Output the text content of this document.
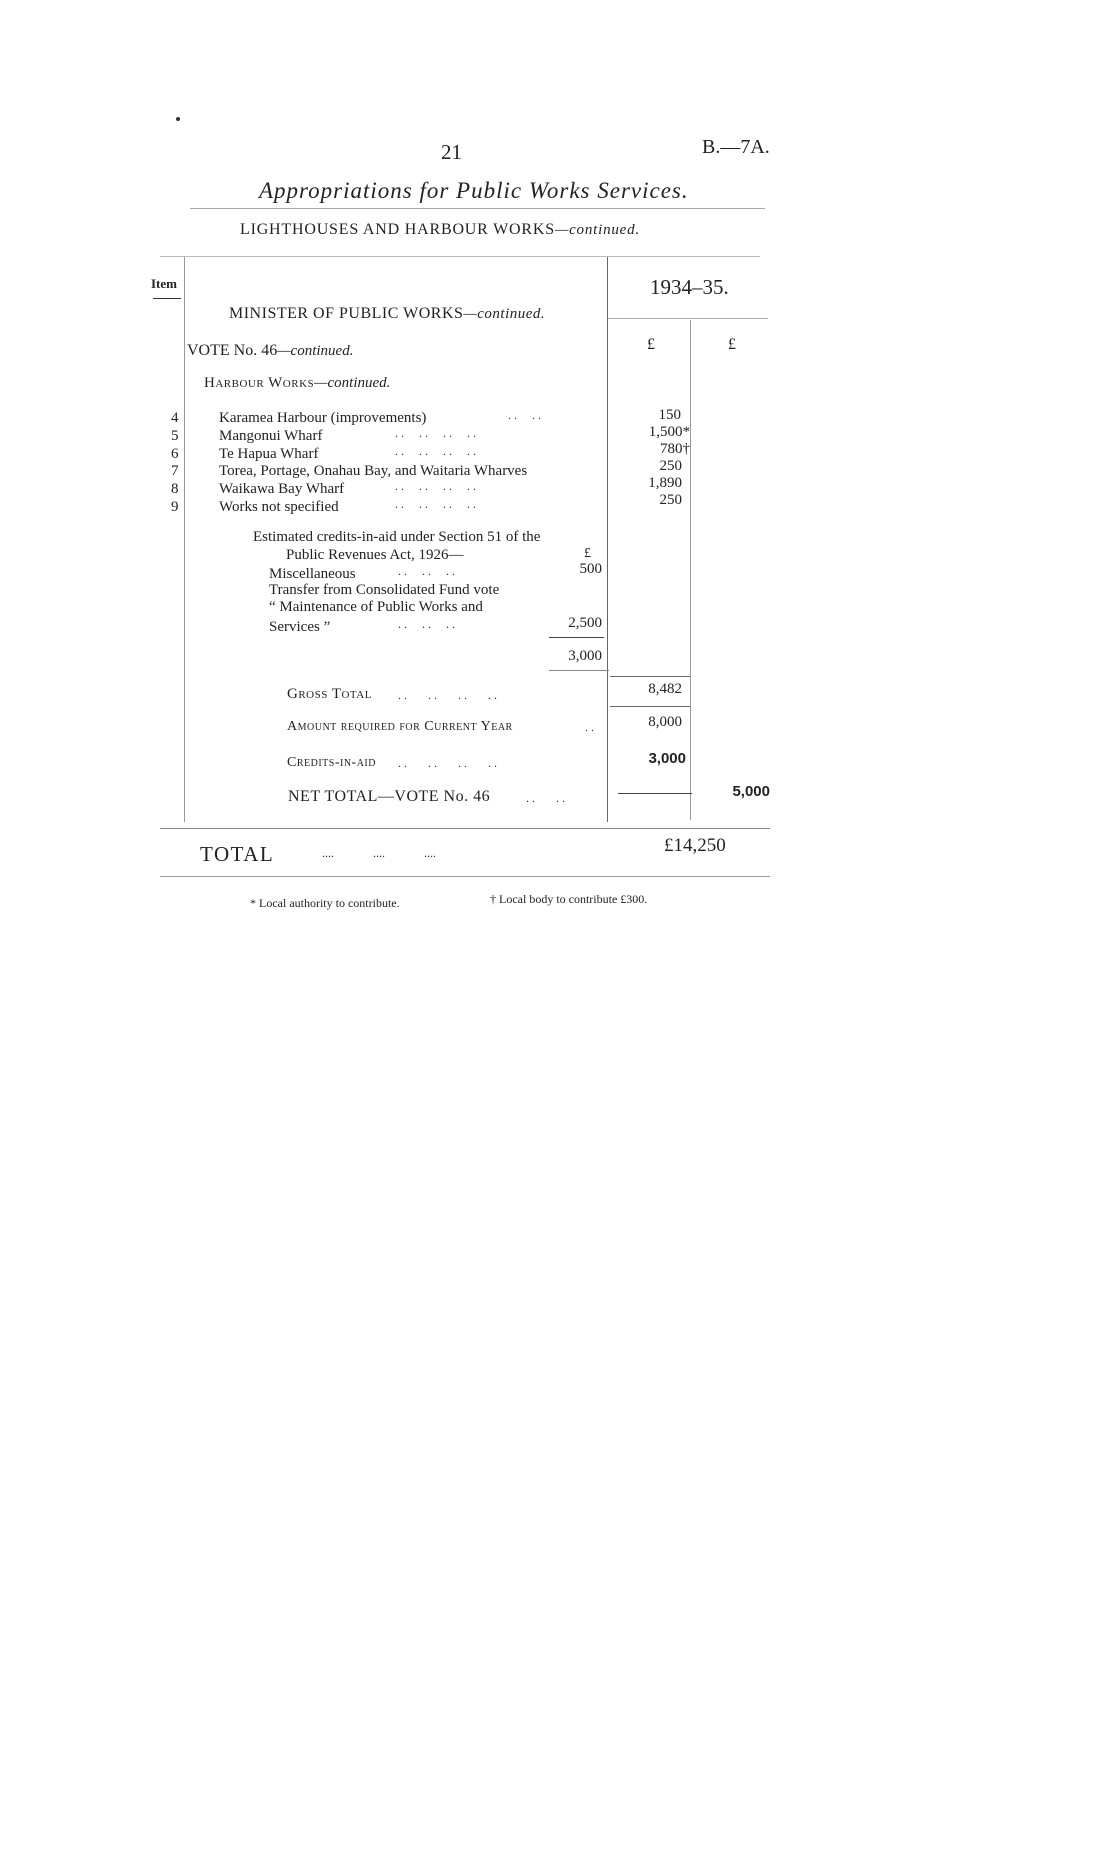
21	B.—7A.
Appropriations for Public Works Services.
LIGHTHOUSES AND HARBOUR WORKS—continued.
Item	1934–35.
MINISTER OF PUBLIC WORKS—continued.
£	£
VOTE No. 46—continued.
Harbour Works—continued.
4	Karamea Harbour (improvements)	. .     . .	150
5	Mangonui Wharf	. .     . .     . .     . .	1,500*
6	Te Hapua Wharf	. .     . .     . .     . .	780†
7	Torea, Portage, Onahau Bay, and Waitaria Wharves	250
8	Waikawa Bay Wharf	. .     . .     . .     . .	1,890
9	Works not specified	. .     . .     . .     . .	250
Estimated credits-in-aid under Section 51 of the
Public Revenues Act, 1926—	£
Miscellaneous	. .     . .     . .	500
Transfer from Consolidated Fund vote
“ Maintenance of Public Works and
Services ”	. .     . .     . .	2,500
3,000
Gross Total . .       . .       . .       . .	8,482
Amount required for Current Year	. .	8,000
Credits-in-aid . .       . .       . .       . .	3,000
NET TOTAL—VOTE No. 46	. .       . .	5,000
TOTAL	....             ....             ....	£14,250
* Local authority to contribute.	† Local body to contribute £300.
